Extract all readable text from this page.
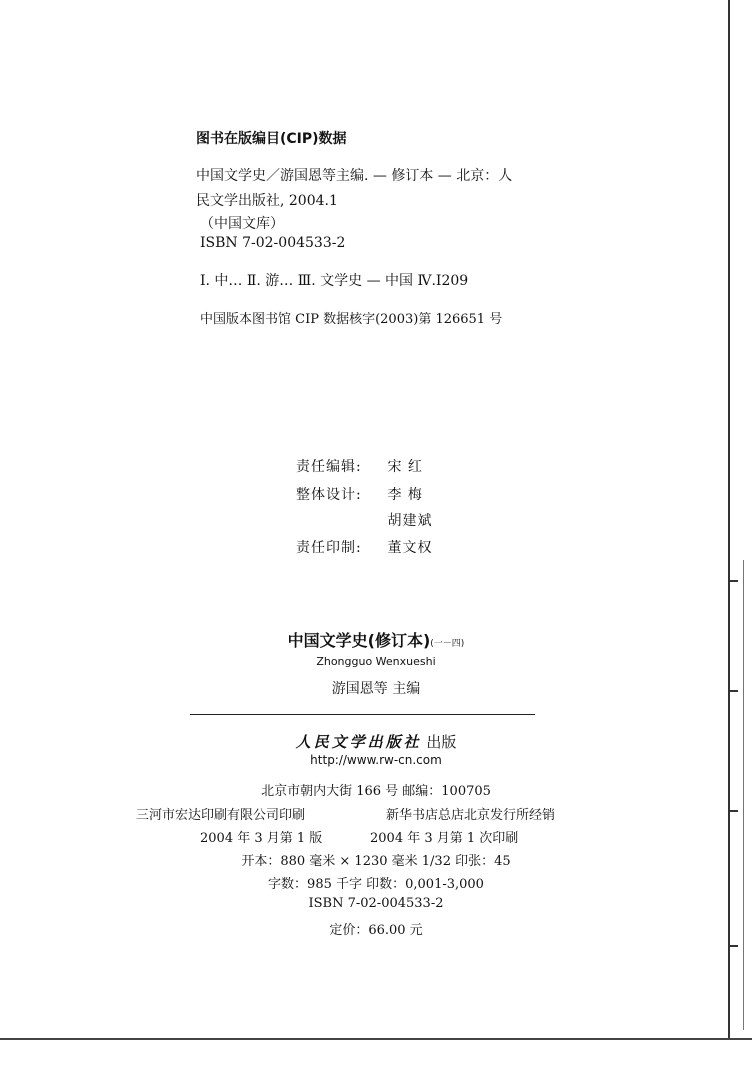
图书在版编目(CIP)数据
中国文学史／游国恩等主编. — 修订本 — 北京：人
民文学出版社, 2004.1
（中国文库）
ISBN 7-02-004533-2
Ⅰ. 中… Ⅱ. 游… Ⅲ. 文学史 — 中国 Ⅳ.I209
中国版本图书馆 CIP 数据核字(2003)第 126651 号
责任编辑: 宋 红
整体设计: 李 梅
胡建斌
责任印制: 董文权
中国文学史(修订本)(一－四)
Zhongguo Wenxueshi
游国恩等 主编
人民文学出版社 出版
http://www.rw-cn.com
北京市朝内大街 166 号 邮编：100705
三河市宏达印刷有限公司印刷	新华书店总店北京发行所经销
2004 年 3 月第 1 版	2004 年 3 月第 1 次印刷
开本：880 毫米 × 1230 毫米 1/32 印张：45
字数：985 千字 印数：0,001-3,000
ISBN 7-02-004533-2
定价：66.00 元
